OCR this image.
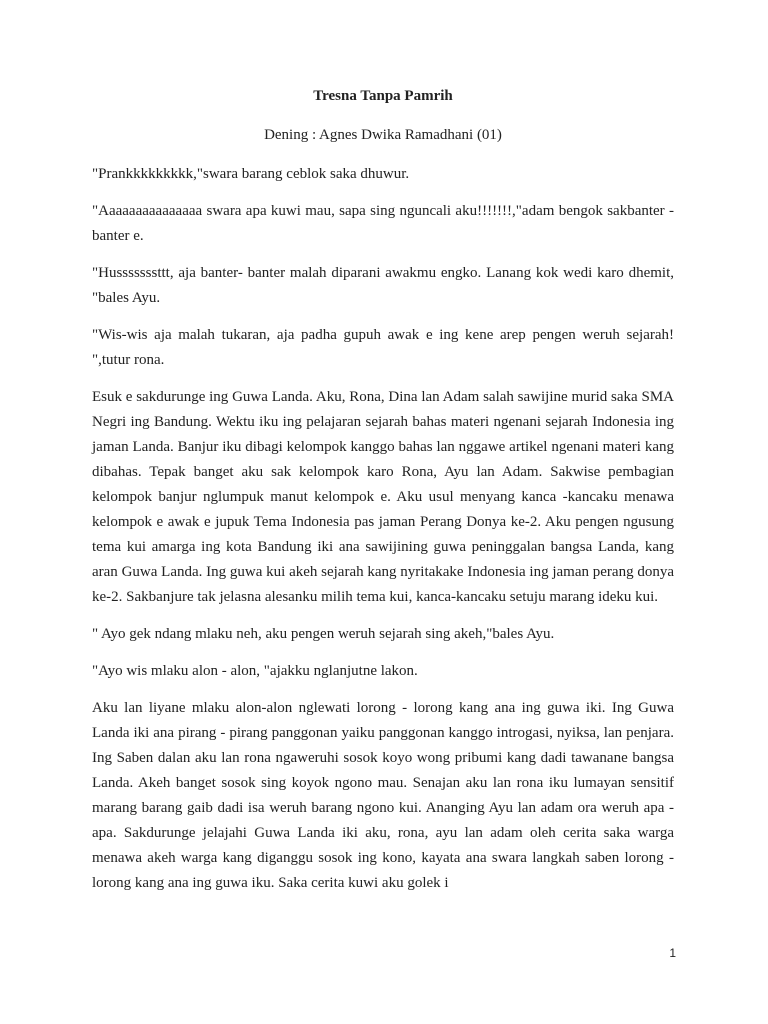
Tresna Tanpa Pamrih

Dening : Agnes Dwika Ramadhani (01)

"Prankkkkkkkkk,"swara barang ceblok saka dhuwur.

"Aaaaaaaaaaaaaaa swara apa kuwi mau, sapa sing nguncali aku!!!!!!!,"adam bengok sakbanter - banter e.

"Husssssssttt, aja banter- banter malah diparani awakmu engko. Lanang kok wedi karo dhemit, "bales Ayu.

"Wis-wis aja malah tukaran, aja padha gupuh awak e ing kene arep pengen weruh sejarah! ",tutur rona.

Esuk e sakdurunge ing Guwa Landa. Aku, Rona, Dina lan Adam salah sawijine murid saka SMA Negri ing Bandung. Wektu iku ing pelajaran sejarah bahas materi ngenani sejarah Indonesia ing jaman Landa. Banjur iku dibagi kelompok kanggo bahas lan nggawe artikel ngenani materi kang dibahas. Tepak banget aku sak kelompok karo Rona, Ayu lan Adam. Sakwise pembagian kelompok banjur nglumpuk manut kelompok e. Aku usul menyang kanca -kancaku menawa kelompok e awak e jupuk Tema Indonesia pas jaman Perang Donya ke-2. Aku pengen ngusung tema kui amarga ing kota Bandung iki ana sawijining guwa peninggalan bangsa Landa, kang aran Guwa Landa. Ing guwa kui akeh sejarah kang nyritakake Indonesia ing jaman perang donya ke-2. Sakbanjure tak jelasna alesanku milih tema kui, kanca-kancaku setuju marang ideku kui.

" Ayo gek ndang mlaku neh, aku pengen weruh sejarah sing akeh,"bales Ayu.

"Ayo wis mlaku alon - alon, "ajakku nglanjutne lakon.

Aku lan liyane mlaku alon-alon nglewati lorong - lorong kang ana ing guwa iki. Ing Guwa Landa iki ana pirang - pirang panggonan yaiku panggonan kanggo introgasi, nyiksa, lan penjara. Ing Saben dalan aku lan rona ngaweruhi sosok koyo wong pribumi kang dadi tawanane bangsa Landa. Akeh banget sosok sing koyok ngono mau. Senajan aku lan rona iku lumayan sensitif marang barang gaib dadi isa weruh barang ngono kui. Ananging Ayu lan adam ora weruh apa - apa. Sakdurunge jelajahi Guwa Landa iki aku, rona, ayu lan adam oleh cerita saka warga menawa akeh warga kang diganggu sosok ing kono, kayata ana swara langkah saben lorong -lorong kang ana ing guwa iku. Saka cerita kuwi aku golek i

1
